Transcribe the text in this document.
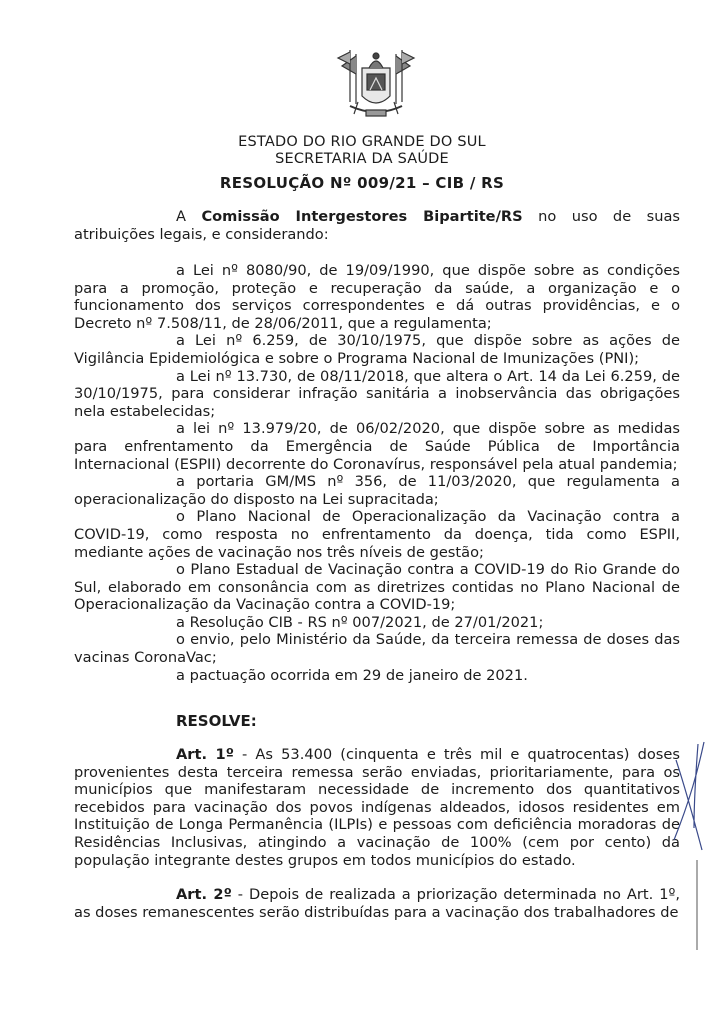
ESTADO DO RIO GRANDE DO SUL
SECRETARIA DA SAÚDE
RESOLUÇÃO Nº 009/21 – CIB / RS

A Comissão Intergestores Bipartite/RS no uso de suas atribuições legais, e considerando:

a Lei nº 8080/90, de 19/09/1990, que dispõe sobre as condições para a promoção, proteção e recuperação da saúde, a organização e o funcionamento dos serviços correspondentes e dá outras providências, e o Decreto nº 7.508/11, de 28/06/2011, que a regulamenta;

a Lei nº 6.259, de 30/10/1975, que dispõe sobre as ações de Vigilância Epidemiológica e sobre o Programa Nacional de Imunizações (PNI);

a Lei nº 13.730, de 08/11/2018, que altera o Art. 14 da Lei 6.259, de 30/10/1975, para considerar infração sanitária a inobservância das obrigações nela estabelecidas;

a lei nº 13.979/20, de 06/02/2020, que dispõe sobre as medidas para enfrentamento da Emergência de Saúde Pública de Importância Internacional (ESPII) decorrente do Coronavírus, responsável pela atual pandemia;

a portaria GM/MS nº 356, de 11/03/2020, que regulamenta a operacionalização do disposto na Lei supracitada;

o Plano Nacional de Operacionalização da Vacinação contra a COVID-19, como resposta no enfrentamento da doença, tida como ESPII, mediante ações de vacinação nos três níveis de gestão;

o Plano Estadual de Vacinação contra a COVID-19 do Rio Grande do Sul, elaborado em consonância com as diretrizes contidas no Plano Nacional de Operacionalização da Vacinação contra a COVID-19;

a Resolução CIB - RS nº 007/2021, de 27/01/2021;

o envio, pelo Ministério da Saúde, da terceira remessa de doses das vacinas CoronaVac;

a pactuação ocorrida em 29 de janeiro de 2021.

RESOLVE:

Art. 1º - As 53.400 (cinquenta e três mil e quatrocentas) doses provenientes desta terceira remessa serão enviadas, prioritariamente, para os municípios que manifestaram necessidade de incremento dos quantitativos recebidos para vacinação dos povos indígenas aldeados, idosos residentes em Instituição de Longa Permanência (ILPIs) e pessoas com deficiência moradoras de Residências Inclusivas, atingindo a vacinação de 100% (cem por cento) da população integrante destes grupos em todos municípios do estado.

Art. 2º - Depois de realizada a priorização determinada no Art. 1º, as doses remanescentes serão distribuídas para a vacinação dos trabalhadores de
